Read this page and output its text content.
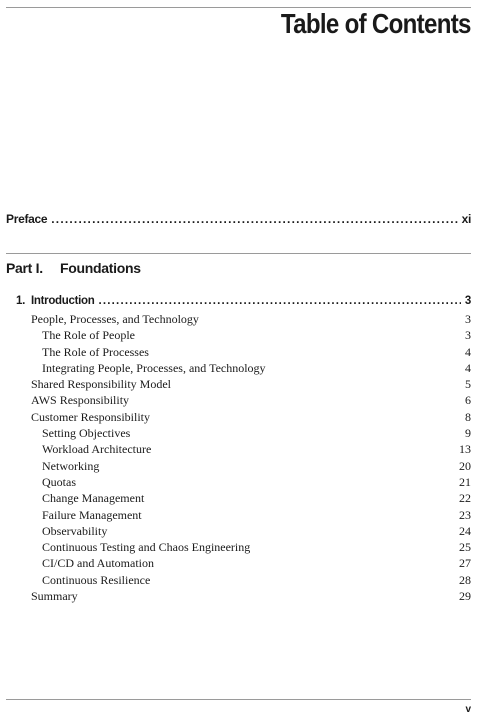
Table of Contents
Preface .....	xi
Part I.	Foundations
1. Introduction .....	3
People, Processes, and Technology	3
The Role of People	3
The Role of Processes	4
Integrating People, Processes, and Technology	4
Shared Responsibility Model	5
AWS Responsibility	6
Customer Responsibility	8
Setting Objectives	9
Workload Architecture	13
Networking	20
Quotas	21
Change Management	22
Failure Management	23
Observability	24
Continuous Testing and Chaos Engineering	25
CI/CD and Automation	27
Continuous Resilience	28
Summary	29
v
